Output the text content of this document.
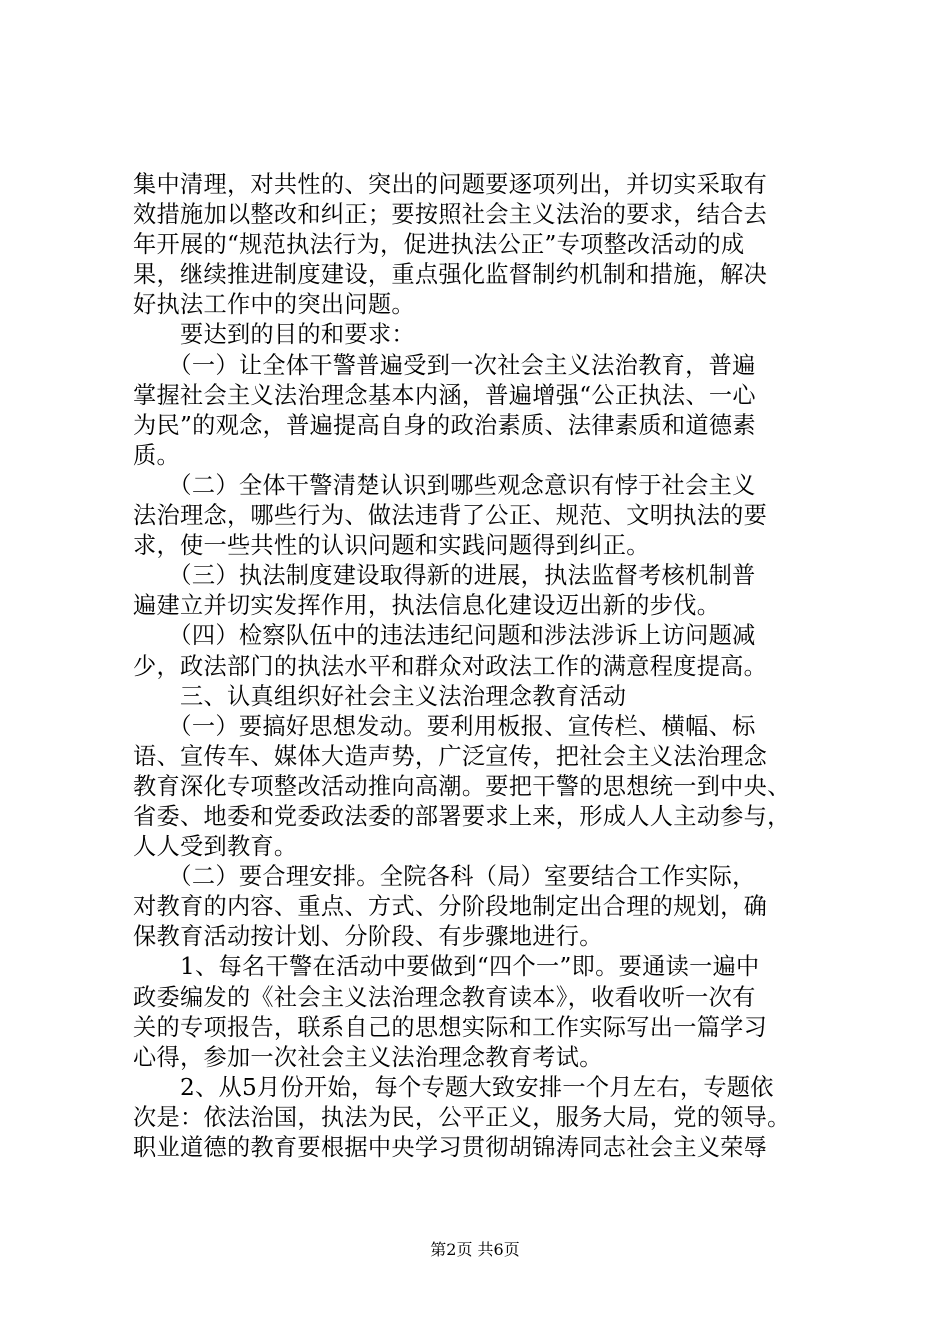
集中清理，对共性的、突出的问题要逐项列出，并切实采取有
效措施加以整改和纠正；要按照社会主义法治的要求，结合去
年开展的“规范执法行为，促进执法公正”专项整改活动的成
果，继续推进制度建设，重点强化监督制约机制和措施，解决
好执法工作中的突出问题。
　　要达到的目的和要求：
　　（一）让全体干警普遍受到一次社会主义法治教育，普遍
掌握社会主义法治理念基本内涵，普遍增强“公正执法、一心
为民”的观念，普遍提高自身的政治素质、法律素质和道德素
质。
　　（二）全体干警清楚认识到哪些观念意识有悖于社会主义
法治理念，哪些行为、做法违背了公正、规范、文明执法的要
求，使一些共性的认识问题和实践问题得到纠正。
　　（三）执法制度建设取得新的进展，执法监督考核机制普
遍建立并切实发挥作用，执法信息化建设迈出新的步伐。
　　（四）检察队伍中的违法违纪问题和涉法涉诉上访问题减
少，政法部门的执法水平和群众对政法工作的满意程度提高。
　　三、认真组织好社会主义法治理念教育活动
　　（一）要搞好思想发动。要利用板报、宣传栏、横幅、标
语、宣传车、媒体大造声势，广泛宣传，把社会主义法治理念
教育深化专项整改活动推向高潮。要把干警的思想统一到中央、
省委、地委和党委政法委的部署要求上来，形成人人主动参与，
人人受到教育。
　　（二）要合理安排。全院各科（局）室要结合工作实际，
对教育的内容、重点、方式、分阶段地制定出合理的规划，确
保教育活动按计划、分阶段、有步骤地进行。
　　1、每名干警在活动中要做到“四个一”即。要通读一遍中
政委编发的《社会主义法治理念教育读本》，收看收听一次有
关的专项报告，联系自己的思想实际和工作实际写出一篇学习
心得，参加一次社会主义法治理念教育考试。
　　2、从5月份开始，每个专题大致安排一个月左右，专题依
次是：依法治国，执法为民，公平正义，服务大局，党的领导。
职业道德的教育要根据中央学习贯彻胡锦涛同志社会主义荣辱
第2页 共6页
